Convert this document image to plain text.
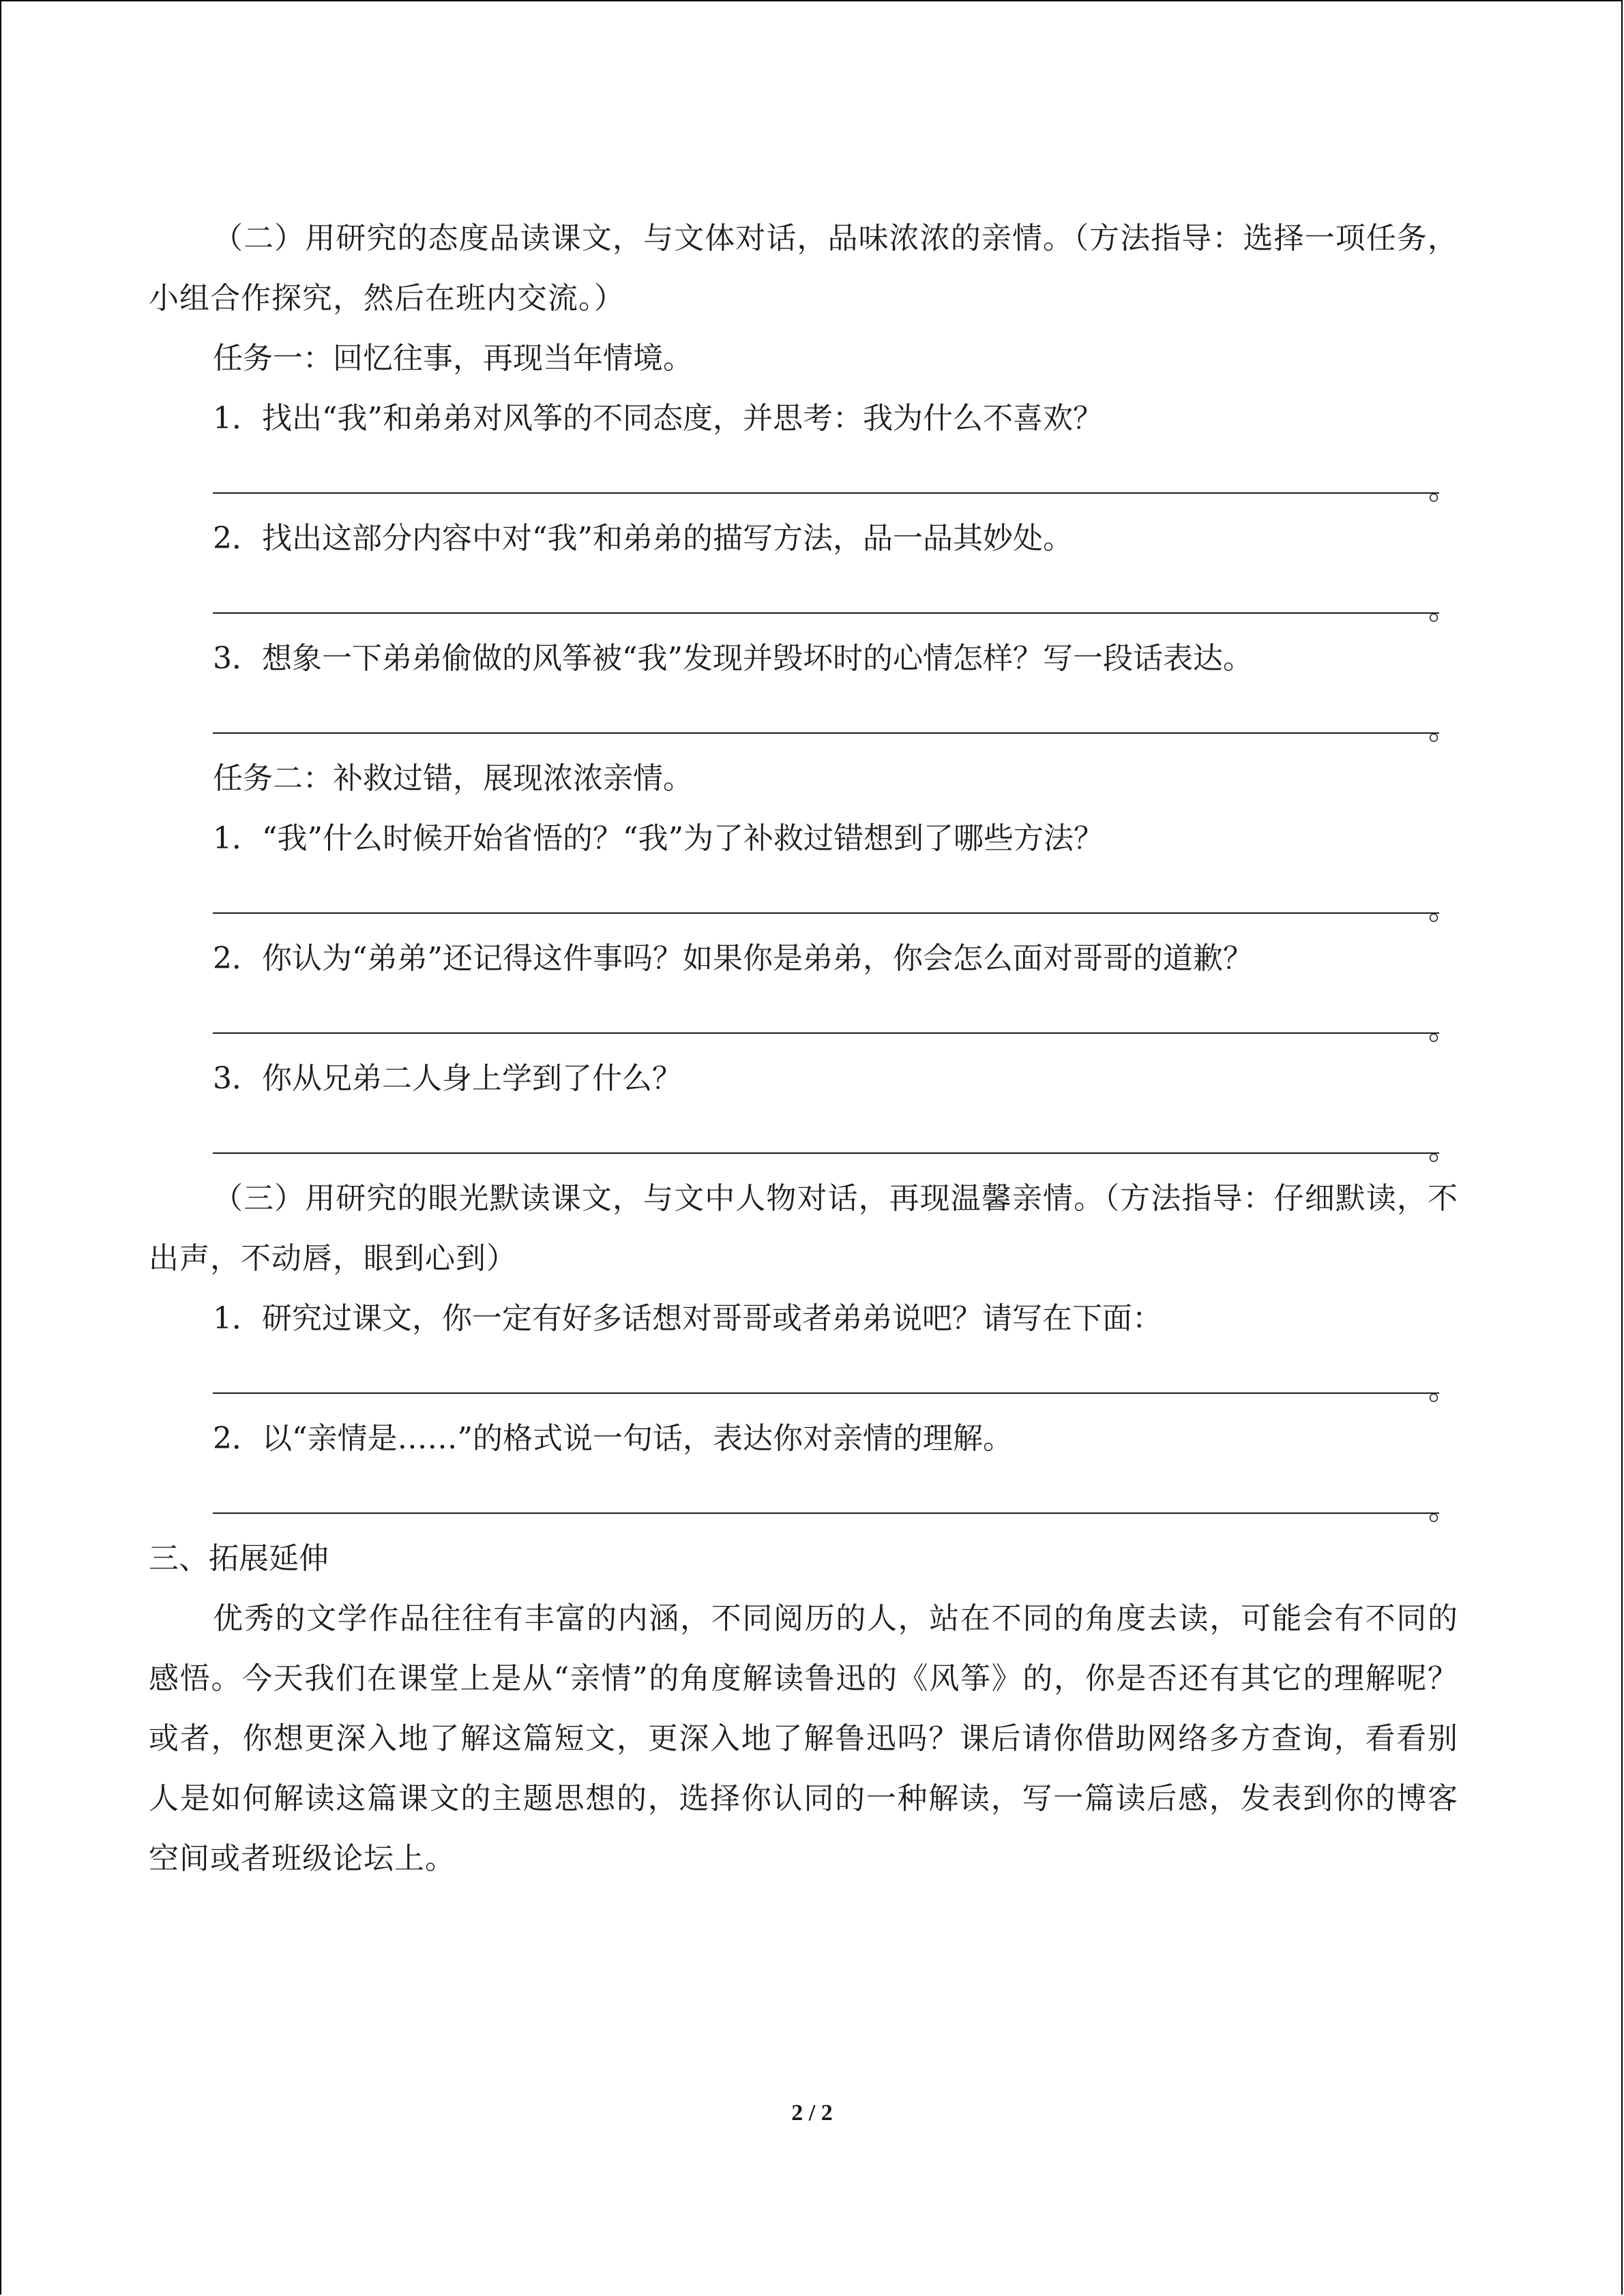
（二）用研究的态度品读课文，与文体对话，品味浓浓的亲情。（方法指导：选择一项任务，小组合作探究，然后在班内交流。）

任务一：回忆往事，再现当年情境。
1．找出“我”和弟弟对风筝的不同态度，并思考：我为什么不喜欢？
。
2．找出这部分内容中对“我”和弟弟的描写方法，品一品其妙处。
。
3．想象一下弟弟偷做的风筝被“我”发现并毁坏时的心情怎样？写一段话表达。
。
任务二：补救过错，展现浓浓亲情。
1．“我”什么时候开始省悟的？“我”为了补救过错想到了哪些方法？
。
2．你认为“弟弟”还记得这件事吗？如果你是弟弟，你会怎么面对哥哥的道歉？
。
3．你从兄弟二人身上学到了什么？
。

（三）用研究的眼光默读课文，与文中人物对话，再现温馨亲情。（方法指导：仔细默读，不出声，不动唇，眼到心到）

1．研究过课文，你一定有好多话想对哥哥或者弟弟说吧？请写在下面：
。
2．以“亲情是……”的格式说一句话，表达你对亲情的理解。
。
三、拓展延伸

优秀的文学作品往往有丰富的内涵，不同阅历的人，站在不同的角度去读，可能会有不同的感悟。今天我们在课堂上是从“亲情”的角度解读鲁迅的《风筝》的，你是否还有其它的理解呢？或者，你想更深入地了解这篇短文，更深入地了解鲁迅吗？课后请你借助网络多方查询，看看别人是如何解读这篇课文的主题思想的，选择你认同的一种解读，写一篇读后感，发表到你的博客空间或者班级论坛上。

2 / 2
